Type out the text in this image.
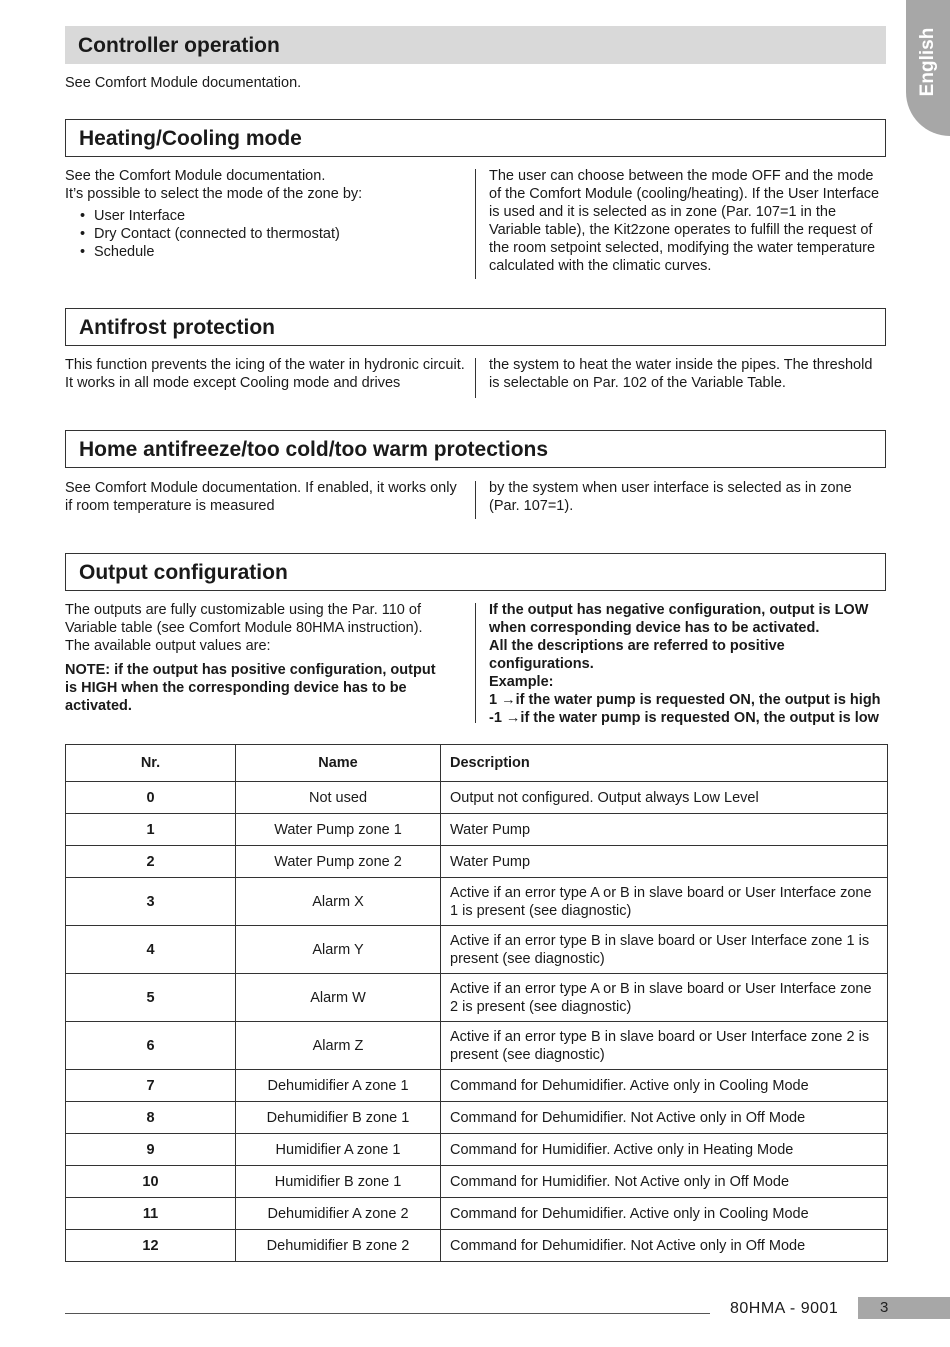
English
Controller operation
See Comfort Module documentation.
Heating/Cooling mode

See the Comfort Module documentation.

It’s possible to select the mode of the zone by:

• User Interface
• Dry Contact (connected to thermostat)
• Schedule

The user can choose between the mode OFF and the mode of the Comfort Module (cooling/heating). If the User Interface is used and it is selected as in zone (Par. 107=1 in the Variable table), the Kit2zone operates to fulfill the request of the room setpoint selected, modifying the water temperature calculated with the climatic curves.

Antifrost protection

This function prevents the icing of the water in hydronic circuit. It works in all mode except Cooling mode and drives

the system to heat the water inside the pipes. The threshold is selectable on Par. 102 of the Variable Table.

Home antifreeze/too cold/too warm protections

See Comfort Module documentation. If enabled, it works only if room temperature is measured

by the system when user interface is selected as in zone (Par. 107=1).

Output configuration

The outputs are fully customizable using the Par. 110 of Variable table (see Comfort Module 80HMA instruction). The available output values are:

NOTE: if the output has positive configuration, output is HIGH when the corresponding device has to be activated.

If the output has negative configuration, output is LOW when corresponding device has to be activated.

All the descriptions are referred to positive configurations.

Example:

1 →if the water pump is requested ON, the output is high

-1 →if the water pump is requested ON, the output is low

Nr.	Name	Description
0	Not used	Output not configured. Output always Low Level
1	Water Pump zone 1	Water Pump
2	Water Pump zone 2	Water Pump
3	Alarm X	Active if an error type A or B in slave board or User Interface zone 1 is present (see diagnostic)
4	Alarm Y	Active if an error type B in slave board or User Interface zone 1 is present (see diagnostic)
5	Alarm W	Active if an error type A or B in slave board or User Interface zone 2 is present (see diagnostic)
6	Alarm Z	Active if an error type B in slave board or User Interface zone 2 is present (see diagnostic)
7	Dehumidifier A zone 1	Command for Dehumidifier. Active only in Cooling Mode
8	Dehumidifier B zone 1	Command for Dehumidifier. Not Active only in Off Mode
9	Humidifier A zone 1	Command for Humidifier. Active only in Heating Mode
10	Humidifier B zone 1	Command for Humidifier. Not Active only in Off Mode
11	Dehumidifier A zone 2	Command for Dehumidifier. Active only in Cooling Mode
12	Dehumidifier B zone 2	Command for Dehumidifier. Not Active only in Off Mode
80HMA - 9001	3
